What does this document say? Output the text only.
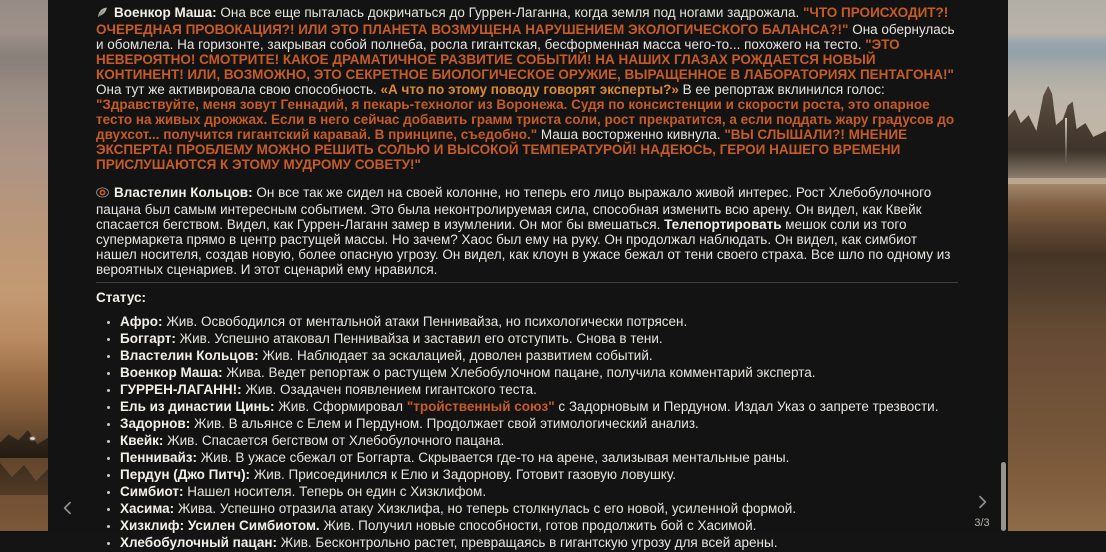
Военкор Маша: Она все еще пыталась докричаться до Гуррен-Лаганна, когда земля под ногами задрожала. "ЧТО ПРОИСХОДИТ?! ОЧЕРЕДНАЯ ПРОВОКАЦИЯ?! ИЛИ ЭТО ПЛАНЕТА ВОЗМУЩЕНА НАРУШЕНИЕМ ЭКОЛОГИЧЕСКОГО БАЛАНСА?!" Она обернулась и обомлела. На горизонте, закрывая собой полнеба, росла гигантская, бесформенная масса чего-то... похожего на тесто. "ЭТО НЕВЕРОЯТНО! СМОТРИТЕ! КАКОЕ ДРАМАТИЧНОЕ РАЗВИТИЕ СОБЫТИЙ! НА НАШИХ ГЛАЗАХ РОЖДАЕТСЯ НОВЫЙ КОНТИНЕНТ! ИЛИ, ВОЗМОЖНО, ЭТО СЕКРЕТНОЕ БИОЛОГИЧЕСКОЕ ОРУЖИЕ, ВЫРАЩЕННОЕ В ЛАБОРАТОРИЯХ ПЕНТАГОНА!" Она тут же активировала свою способность. «А что по этому поводу говорят эксперты?» В ее репортаж вклинился голос: "Здравствуйте, меня зовут Геннадий, я пекарь-технолог из Воронежа. Судя по консистенции и скорости роста, это опарное тесто на живых дрожжах. Если в него сейчас добавить грамм триста соли, рост прекратится, а если поддать жару градусов до двухсот... получится гигантский каравай. В принципе, съедобно." Маша восторженно кивнула. "ВЫ СЛЫШАЛИ?! МНЕНИЕ ЭКСПЕРТА! ПРОБЛЕМУ МОЖНО РЕШИТЬ СОЛЬЮ И ВЫСОКОЙ ТЕМПЕРАТУРОЙ! НАДЕЮСЬ, ГЕРОИ НАШЕГО ВРЕМЕНИ ПРИСЛУШАЮТСЯ К ЭТОМУ МУДРОМУ СОВЕТУ!"

Властелин Кольцов: Он все так же сидел на своей колонне, но теперь его лицо выражало живой интерес. Рост Хлебобулочного пацана был самым интересным событием. Это была неконтролируемая сила, способная изменить всю арену. Он видел, как Квейк спасается бегством. Видел, как Гуррен-Лаганн замер в изумлении. Он мог бы вмешаться. Телепортировать мешок соли из того супермаркета прямо в центр растущей массы. Но зачем? Хаос был ему на руку. Он продолжал наблюдать. Он видел, как симбиот нашел носителя, создав новую, более опасную угрозу. Он видел, как клоун в ужасе бежал от тени своего страха. Все шло по одному из вероятных сценариев. И этот сценарий ему нравился.

Статус:
• Афро: Жив. Освободился от ментальной атаки Пеннивайза, но психологически потрясен.
• Боггарт: Жив. Успешно атаковал Пеннивайза и заставил его отступить. Снова в тени.
• Властелин Кольцов: Жив. Наблюдает за эскалацией, доволен развитием событий.
• Военкор Маша: Жива. Ведет репортаж о растущем Хлебобулочном пацане, получила комментарий эксперта.
• ГУРРЕН-ЛАГАНН!: Жив. Озадачен появлением гигантского теста.
• Ель из династии Цинь: Жив. Сформировал "тройственный союз" с Задорновым и Пердуном. Издал Указ о запрете трезвости.
• Задорнов: Жив. В альянсе с Елем и Пердуном. Продолжает свой этимологический анализ.
• Квейк: Жив. Спасается бегством от Хлебобулочного пацана.
• Пеннивайз: Жив. В ужасе сбежал от Боггарта. Скрывается где-то на арене, зализывая ментальные раны.
• Пердун (Джо Питч): Жив. Присоединился к Елю и Задорнову. Готовит газовую ловушку.
• Симбиот: Нашел носителя. Теперь он един с Хизклифом.
• Хасима: Жива. Успешно отразила атаку Хизклифа, но теперь столкнулась с его новой, усиленной формой.
• Хизклиф: Усилен Симбиотом. Жив. Получил новые способности, готов продолжить бой с Хасимой.
• Хлебобулочный пацан: Жив. Бесконтрольно растет, превращаясь в гигантскую угрозу для всей арены.
3/3
